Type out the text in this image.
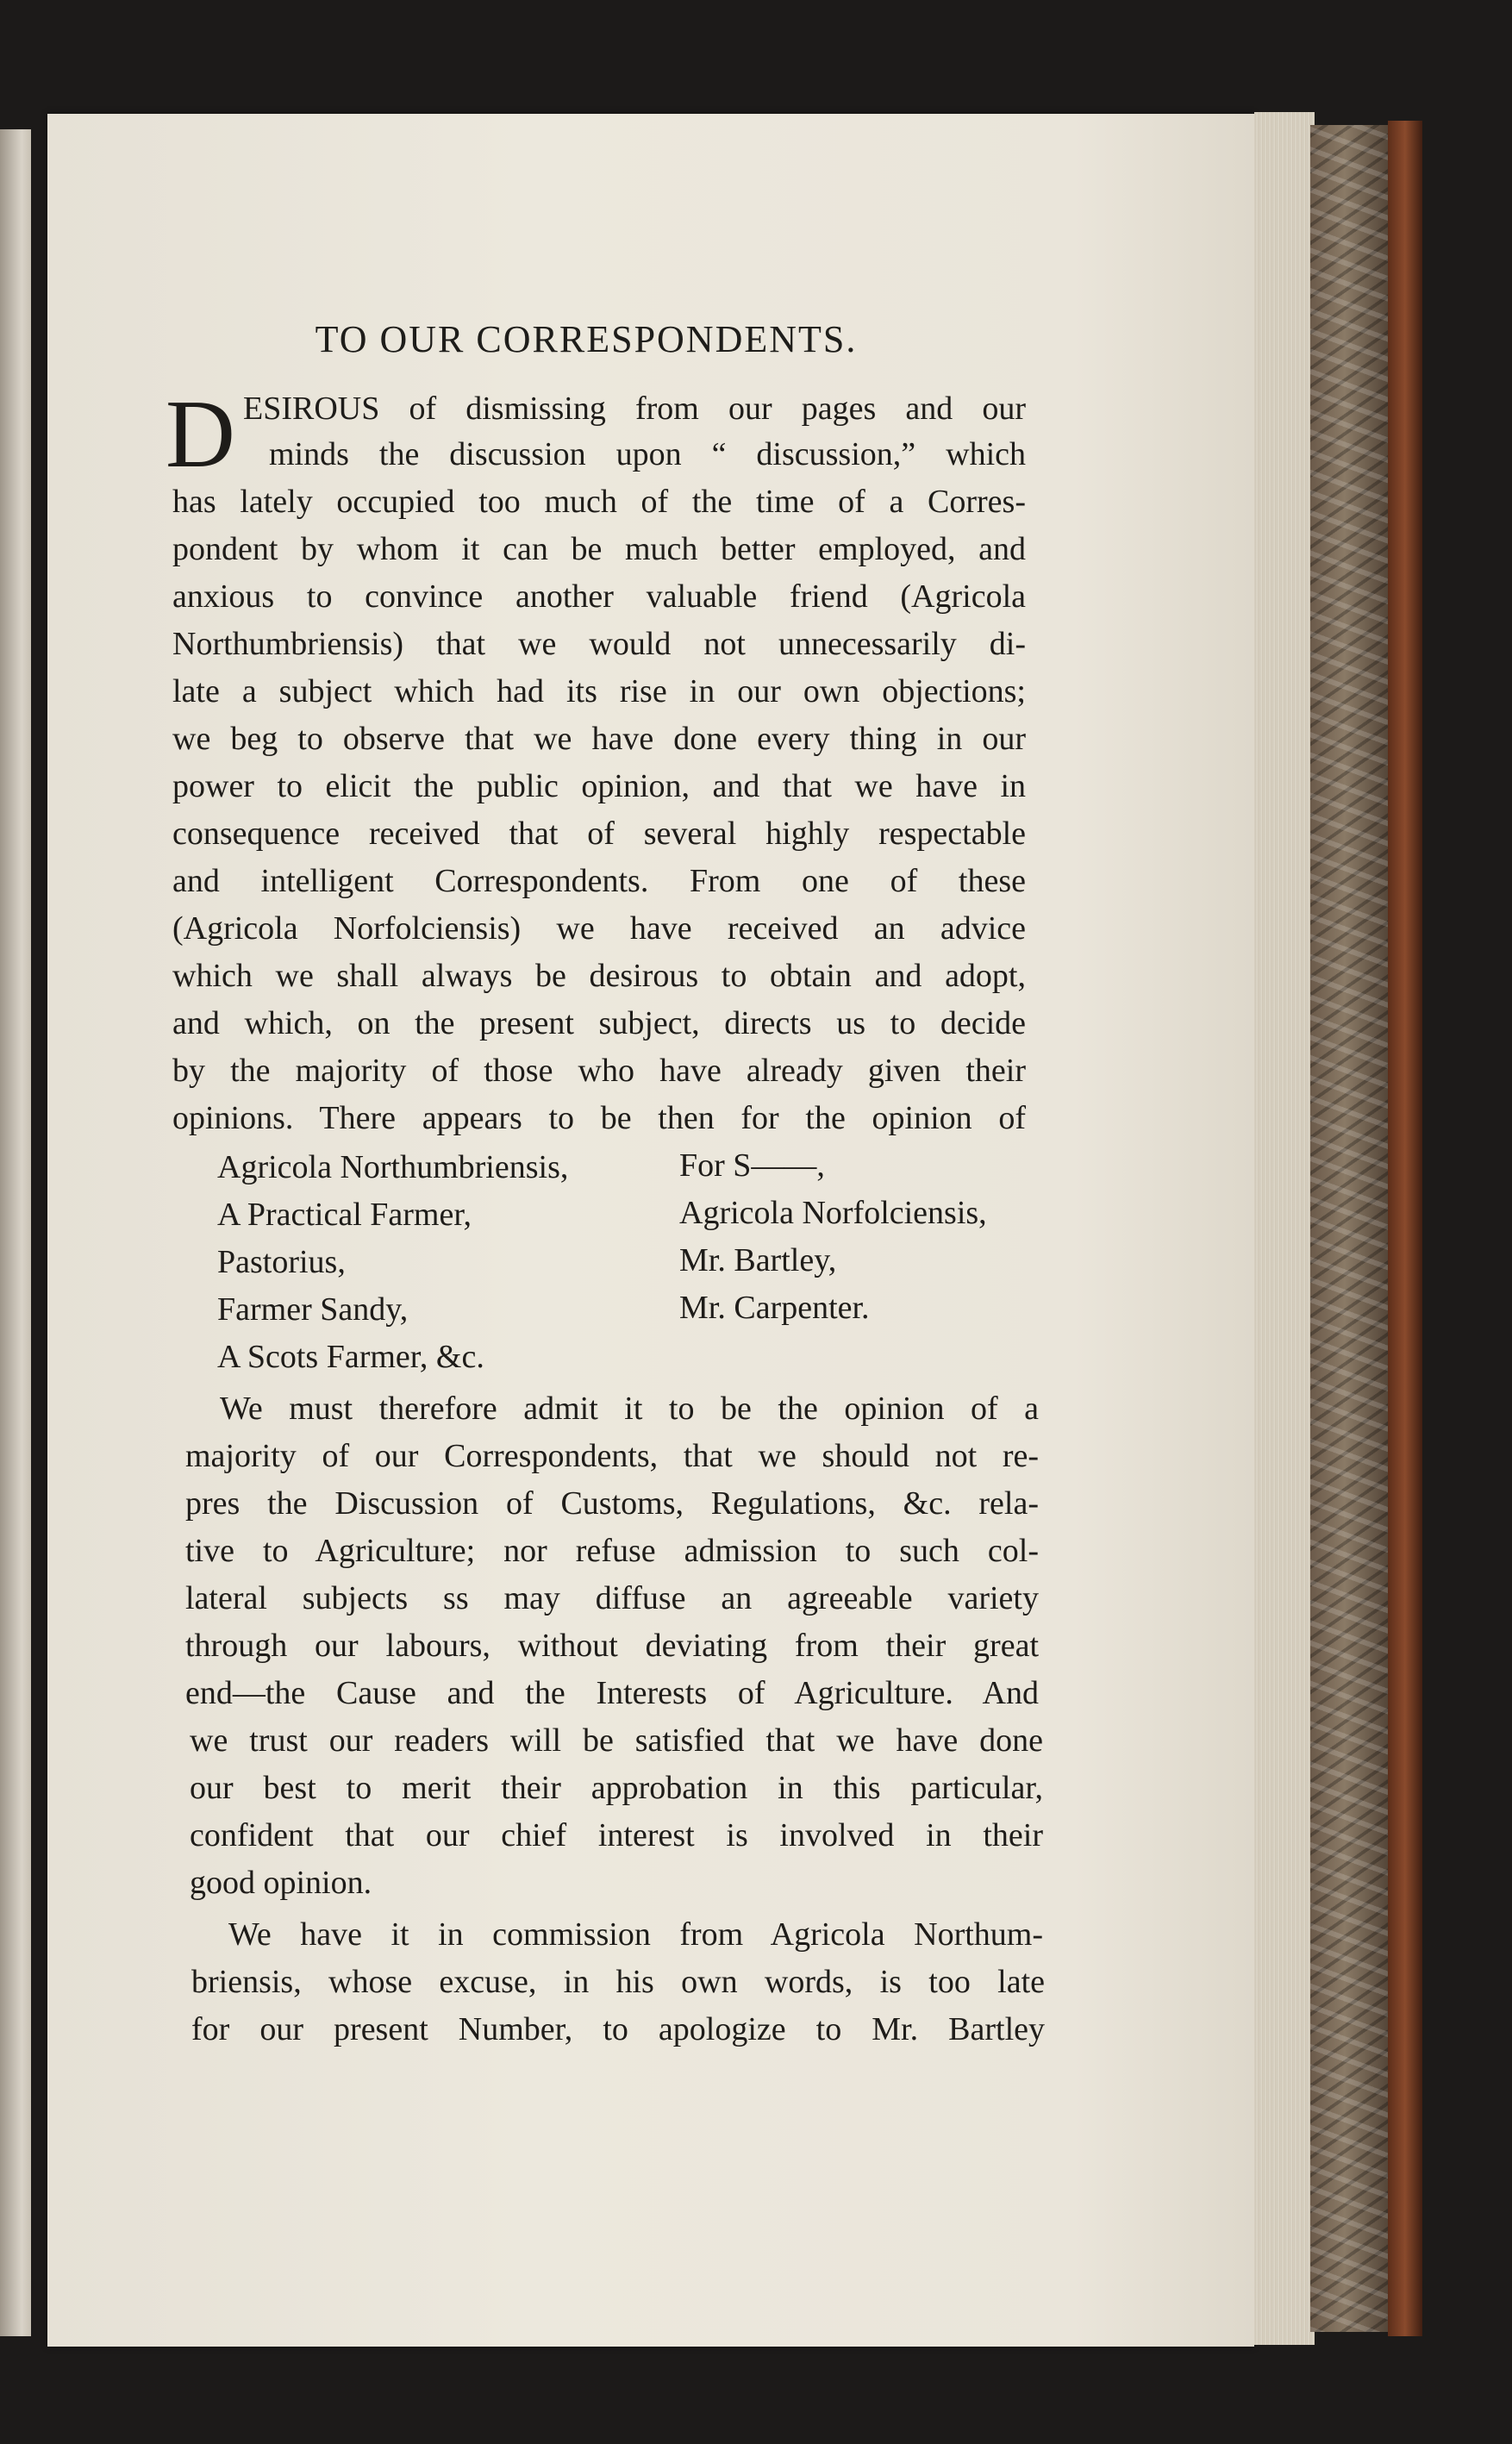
TO OUR CORRESPONDENTS.
D ESIROUS of dismissing from our pages and our
minds the discussion upon “ discussion,” which
has lately occupied too much of the time of a Corres-
pondent by whom it can be much better employed, and
anxious to convince another valuable friend (Agricola
Northumbriensis) that we would not unnecessarily di-
late a subject which had its rise in our own objections;
we beg to observe that we have done every thing in our
power to elicit the public opinion, and that we have in
consequence received that of several highly respectable
and intelligent Correspondents. From one of these
(Agricola Norfolciensis) we have received an advice
which we shall always be desirous to obtain and adopt,
and which, on the present subject, directs us to decide
by the majority of those who have already given their
opinions. There appears to be then for the opinion of
Agricola Northumbriensis,
A Practical Farmer,
Pastorius,
Farmer Sandy,
A Scots Farmer, &c.
For S——,
Agricola Norfolciensis,
Mr. Bartley,
Mr. Carpenter.
We must therefore admit it to be the opinion of a
majority of our Correspondents, that we should not re-
pres the Discussion of Customs, Regulations, &c. rela-
tive to Agriculture; nor refuse admission to such col-
lateral subjects ss may diffuse an agreeable variety
through our labours, without deviating from their great
end—the Cause and the Interests of Agriculture. And
we trust our readers will be satisfied that we have done
our best to merit their approbation in this particular,
confident that our chief interest is involved in their
good opinion.
We have it in commission from Agricola Northum-
briensis, whose excuse, in his own words, is too late
for our present Number, to apologize to Mr. Bartley
